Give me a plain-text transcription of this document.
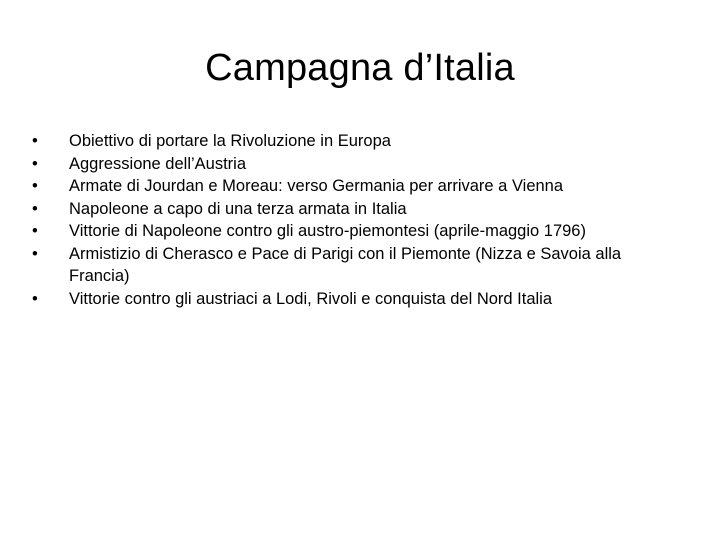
Campagna d’Italia
•	Obiettivo di portare la Rivoluzione in Europa
•	Aggressione dell’Austria
•	Armate di Jourdan e Moreau: verso Germania per arrivare a Vienna
•	Napoleone a capo di una terza armata in Italia
•	Vittorie di Napoleone contro gli austro-piemontesi (aprile-maggio 1796)
•	Armistizio di Cherasco e Pace di Parigi con il Piemonte (Nizza e Savoia alla Francia)
•	Vittorie contro gli austriaci a Lodi, Rivoli e conquista del Nord Italia
